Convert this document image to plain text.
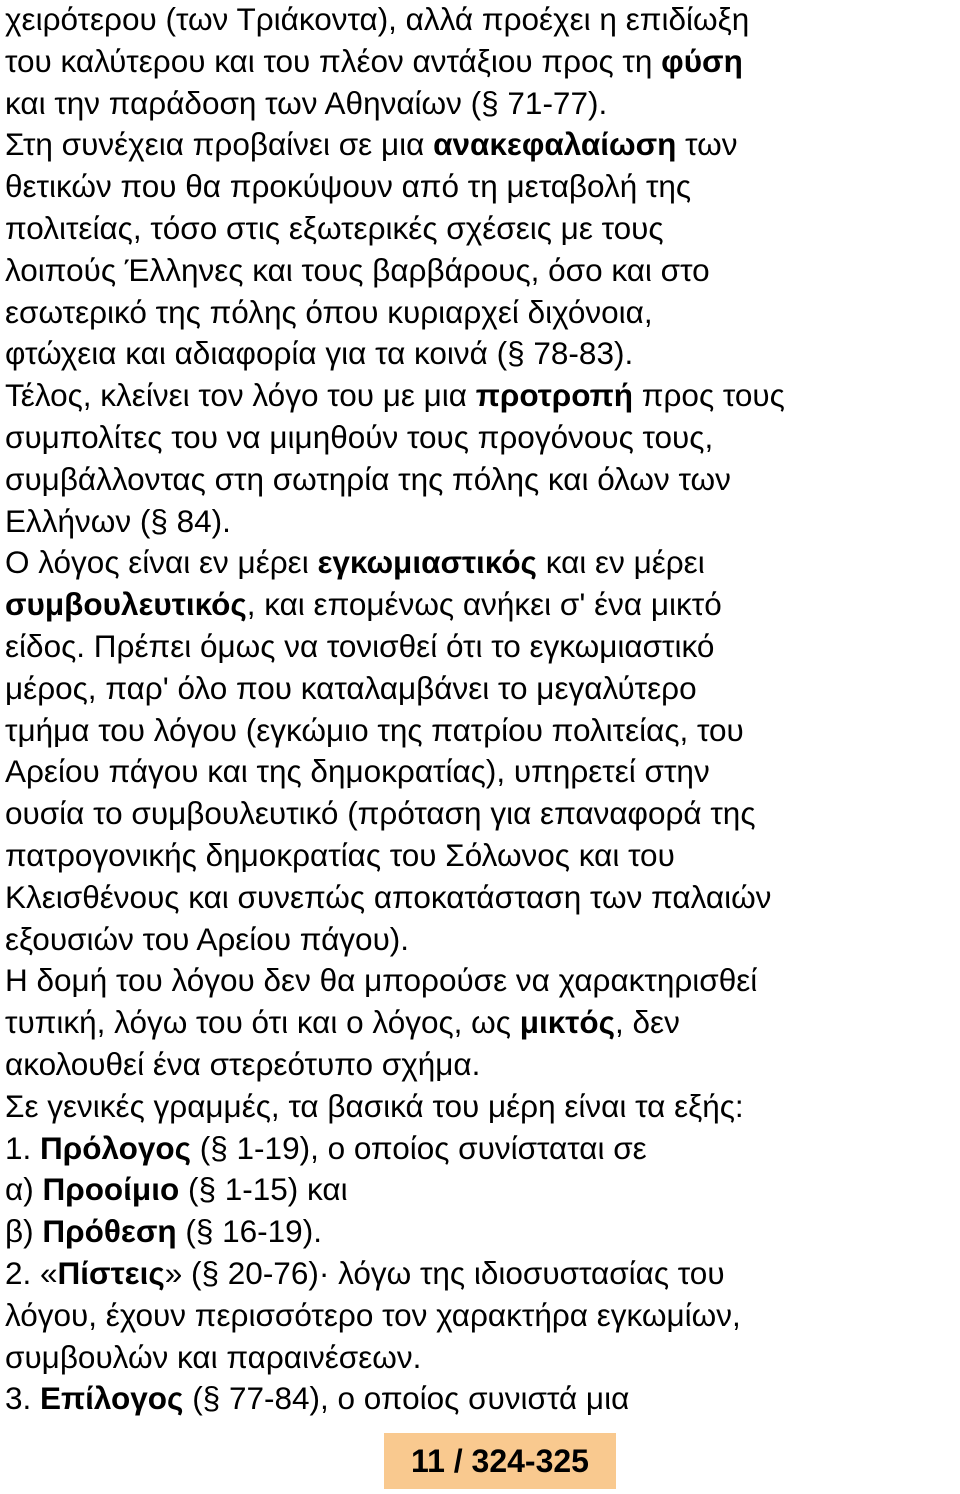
χειρότερου (των Τριάκοντα), αλλά προέχει η επιδίωξη
του καλύτερου και του πλέον αντάξιου προς τη φύση
και την παράδοση των Αθηναίων (§ 71-77).
Στη συνέχεια προβαίνει σε μια ανακεφαλαίωση των
θετικών που θα προκύψουν από τη μεταβολή της
πολιτείας, τόσο στις εξωτερικές σχέσεις με τους
λοιπούς Έλληνες και τους βαρβάρους, όσο και στο
εσωτερικό της πόλης όπου κυριαρχεί διχόνοια,
φτώχεια και αδιαφορία για τα κοινά (§ 78-83).
Τέλος, κλείνει τον λόγο του με μια προτροπή προς τους
συμπολίτες του να μιμηθούν τους προγόνους τους,
συμβάλλοντας στη σωτηρία της πόλης και όλων των
Ελλήνων (§ 84).
Ο λόγος είναι εν μέρει εγκωμιαστικός και εν μέρει
συμβουλευτικός, και επομένως ανήκει σ' ένα μικτό
είδος. Πρέπει όμως να τονισθεί ότι το εγκωμιαστικό
μέρος, παρ' όλο που καταλαμβάνει το μεγαλύτερο
τμήμα του λόγου (εγκώμιο της πατρίου πολιτείας, του
Αρείου πάγου και της δημοκρατίας), υπηρετεί στην
ουσία το συμβουλευτικό (πρόταση για επαναφορά της
πατρογονικής δημοκρατίας του Σόλωνος και του
Κλεισθένους και συνεπώς αποκατάσταση των παλαιών
εξουσιών του Αρείου πάγου).
Η δομή του λόγου δεν θα μπορούσε να χαρακτηρισθεί
τυπική, λόγω του ότι και ο λόγος, ως μικτός, δεν
ακολουθεί ένα στερεότυπο σχήμα.
Σε γενικές γραμμές, τα βασικά του μέρη είναι τα εξής:
1. Πρόλογος (§ 1-19), ο οποίος συνίσταται σε
α) Προοίμιο (§ 1-15) και
β) Πρόθεση (§ 16-19).
2. «Πίστεις» (§ 20-76)· λόγω της ιδιοσυστασίας του
λόγου, έχουν περισσότερο τον χαρακτήρα εγκωμίων,
συμβουλών και παραινέσεων.
3. Επίλογος (§ 77-84), ο οποίος συνιστά μια
11 / 324-325
